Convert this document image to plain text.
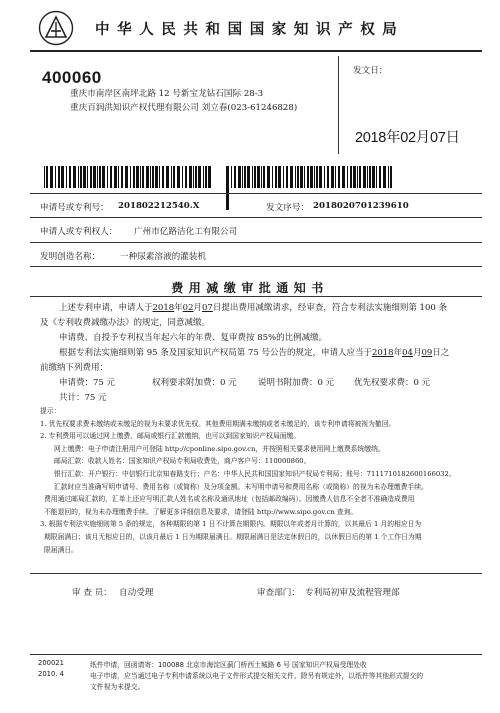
中华人民共和国国家知识产权局
400060
重庆市南岸区南坪北路 12 号新宝龙钻石国际 28-3
重庆百润洪知识产权代理有限公司 刘立春(023-61246828)
发文日：
2018年02月07日
申请号或专利号： 201802212540.X	发文序号： 2018020701239610
申请人或专利权人： 广州市亿路洁化工有限公司
发明创造名称： 一种尿素溶液的灌装机
费用减缴审批通知书
上述专利申请，申请人于2018年02月07日提出费用减缴请求，经审查，符合专利法实施细则第 100 条
及《专利收费减缴办法》的规定，同意减缴。
申请费、自授予专利权当年起六年的年费、复审费按 85%的比例减缴。
根据专利法实施细则第 95 条及国家知识产权局第 75 号公告的规定，申请人应当于2018年04月09日之
前缴纳下列费用：
申请费：75 元	权利要求附加费：0 元	说明书附加费：0 元 优先权要求费：0 元
共计：75 元
提示：
1. 优先权要求费未缴纳或未缴足的视为未要求优先权。其他费用期满未缴纳或者未缴足的，该专利申请将被视为撤回。
2. 专利费用可以通过网上缴费、邮局或银行汇款缴纳，也可以到国家知识产权局面缴。
网上缴费：电子申请注册用户可登陆 http://cponline.sipo.gov.cn，并按照相关要求使用网上缴费系统缴纳。
邮局汇款：收款人姓名：国家知识产权局专利局收费处，商户客户号：110000860。
银行汇款：开户银行：中信银行北京知春路支行；户名：中华人民共和国国家知识产权局专利局；账号：7111710182600166032。
汇款时应当准确写明申请号、费用名称（或简称）及分项金额。未写明申请号和费用名称（或简称）的视为未办理缴费手续。
费用通过邮局汇款的，汇单上还应写明汇款人姓名或名称及通讯地址（包括邮政编码）。因缴费人信息不全者不准确造成费用
不能退回的，视为未办理缴费手续。了解更多详细信息及要求，请登陆 http://www.sipo.gov.cn 查询。
3. 根据专利法实施细则第 5 条的规定，各种期限的第 1 日不计算在期限内。期限以年或者月计算的，以其最后 1 月的相应日为
期限届满日；该月无相应日的，以该月最后 1 日为期限届满日。期限届满日是法定休假日的，以休假日后的第 1 个工作日为期
限届满日。
审 查 员： 自动受理	审查部门： 专利局初审及流程管理部
200021
2010. 4
纸件申请，回函请寄：100088 北京市海淀区蓟门桥西土城路 6 号 国家知识产权局受理处收
电子申请，应当通过电子专利申请系统以电子文件形式提交相关文件。除另有规定外，以纸件等其他形式提交的
文件视为未提交。
